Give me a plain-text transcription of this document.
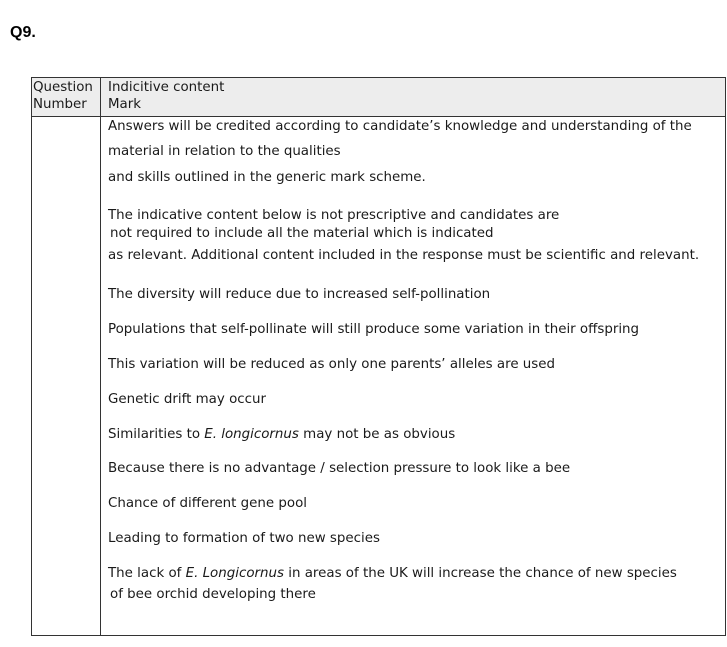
Q9.
Question
Number
Indicitive content
Mark
Answers will be credited according to candidate’s knowledge and understanding of the
material in relation to the qualities
and skills outlined in the generic mark scheme.
The indicative content below is not prescriptive and candidates are
not required to include all the material which is indicated
as relevant. Additional content included in the response must be scientific and relevant.
The diversity will reduce due to increased self-pollination
Populations that self-pollinate will still produce some variation in their offspring
This variation will be reduced as only one parents’ alleles are used
Genetic drift may occur
Similarities to E. longicornus may not be as obvious
Because there is no advantage / selection pressure to look like a bee
Chance of different gene pool
Leading to formation of two new species
The lack of E. Longicornus in areas of the UK will increase the chance of new species
of bee orchid developing there
